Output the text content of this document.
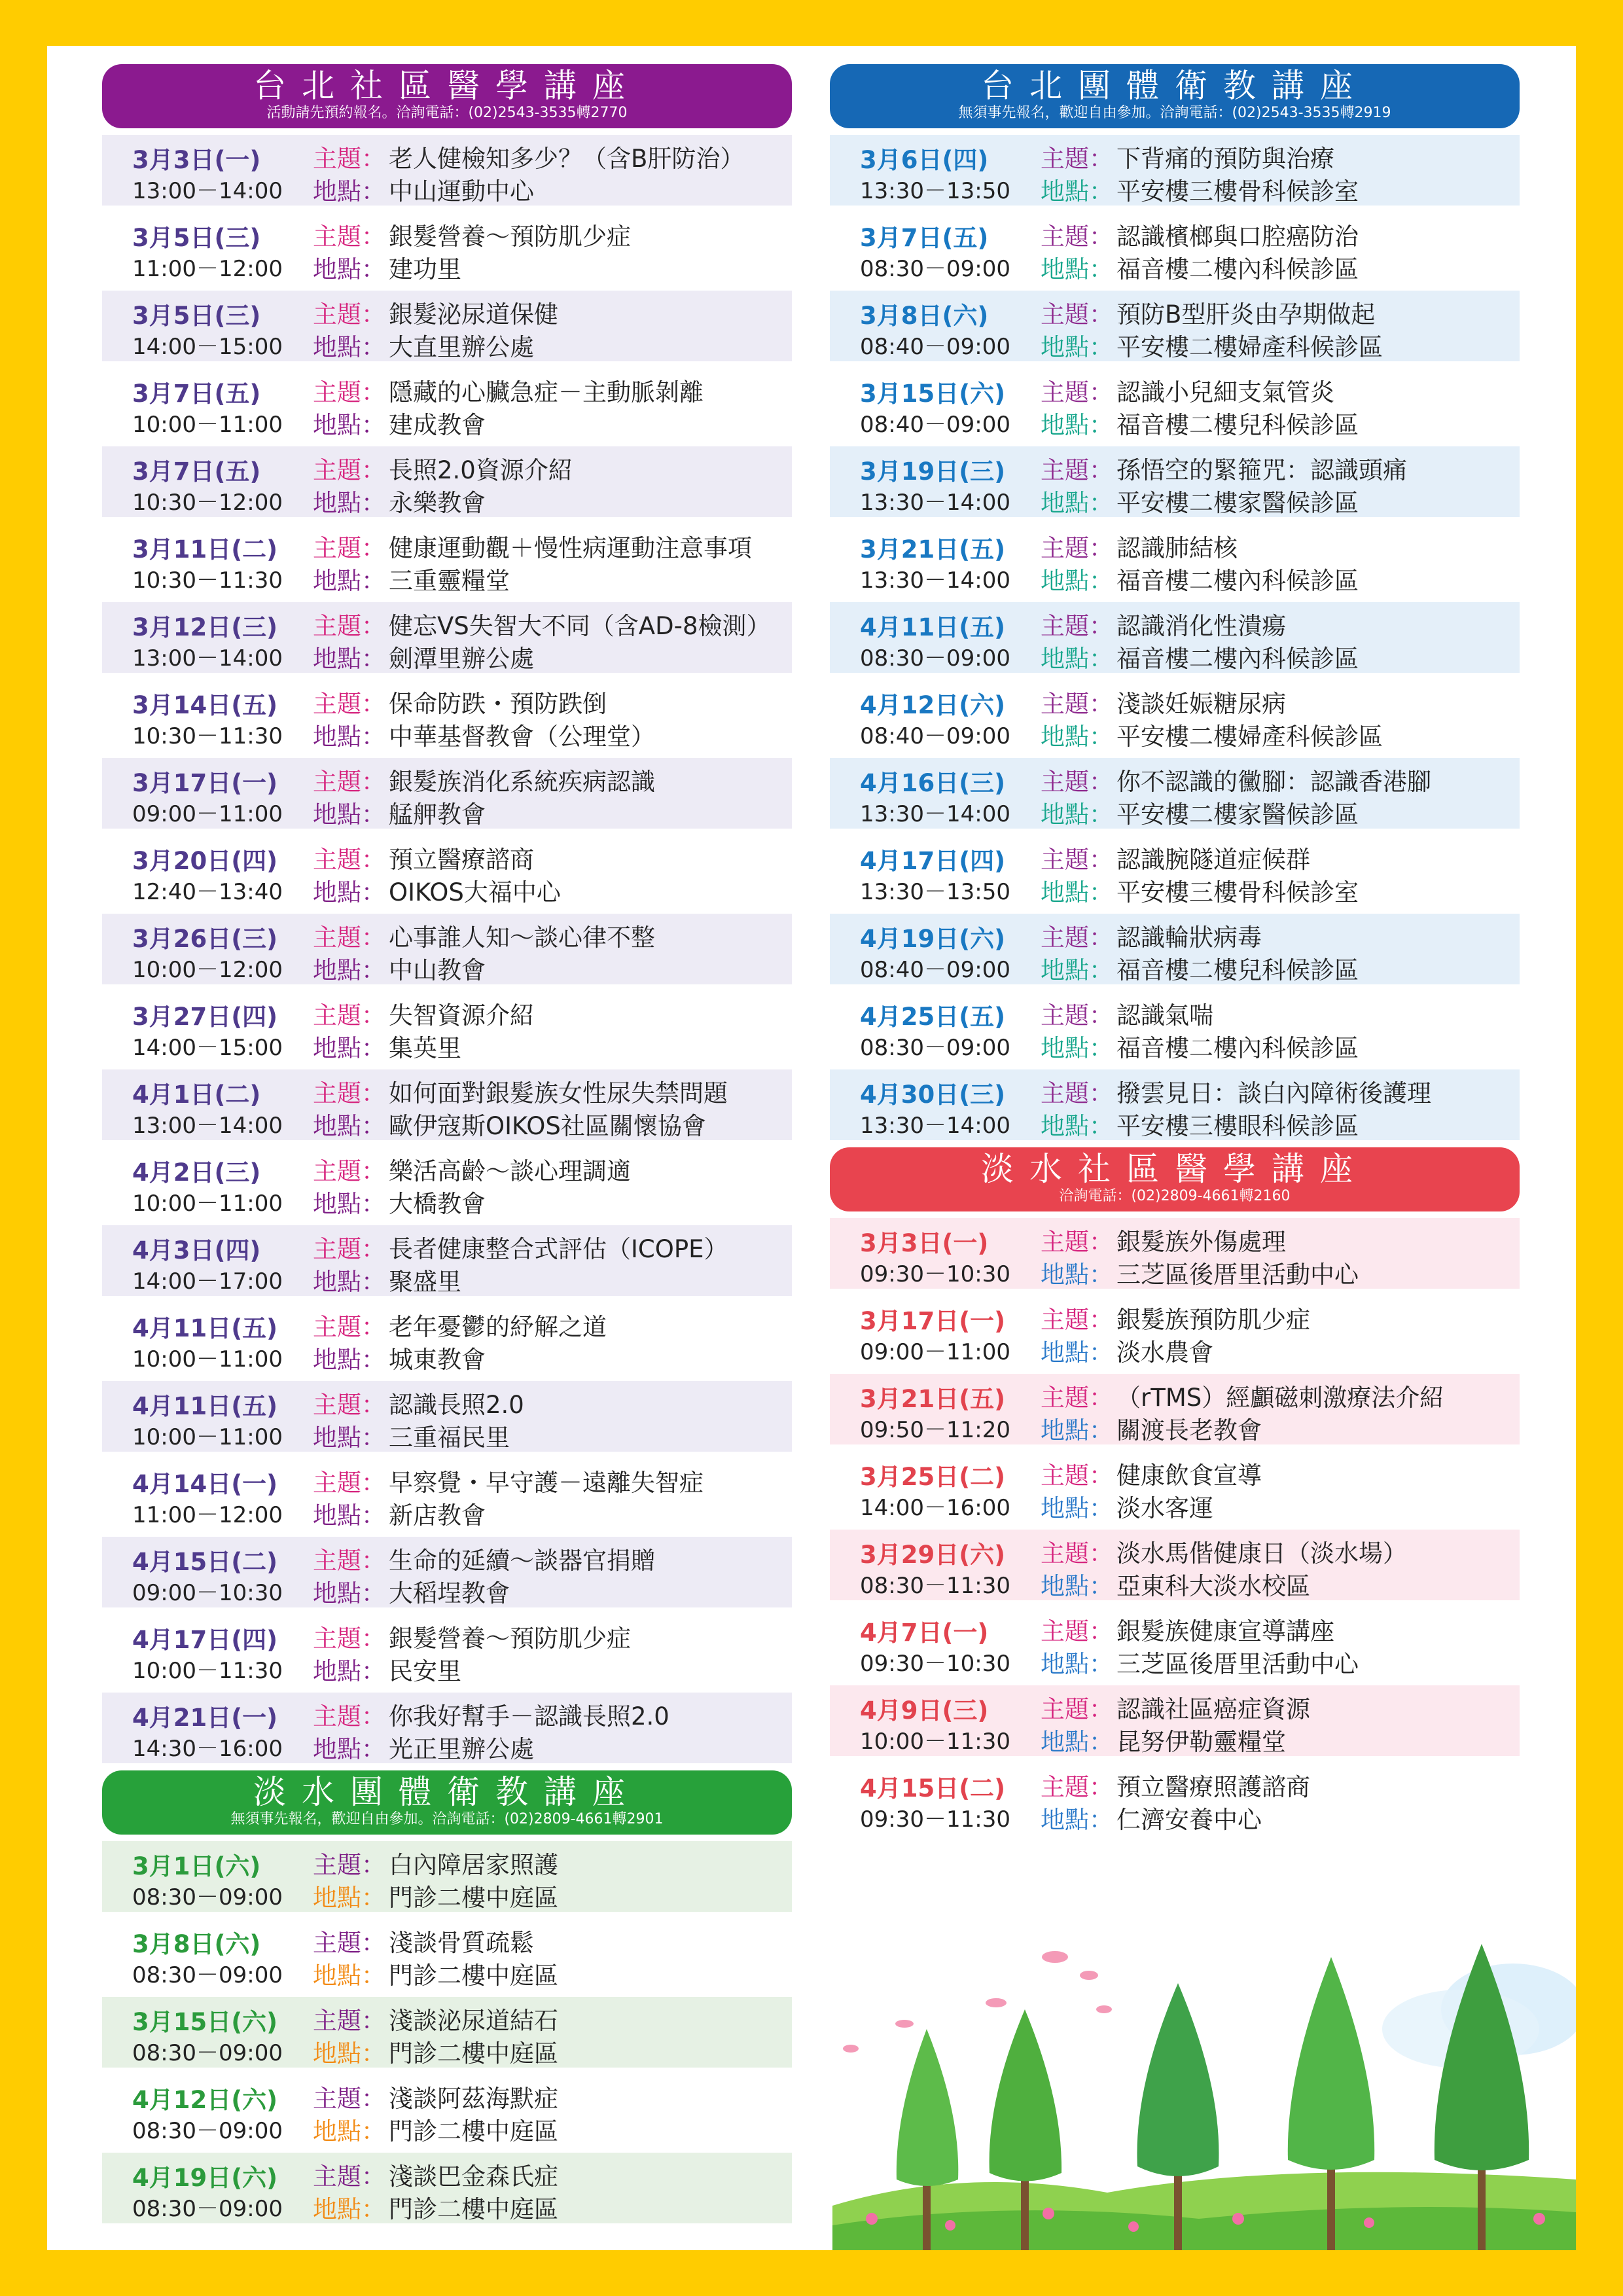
台北社區醫學講座
活動請先預約報名。洽詢電話：(02)2543-3535轉2770
3月3日(一)
13:00－14:00
主題：
地點：
老人健檢知多少？（含B肝防治）
中山運動中心
3月5日(三)
11:00－12:00
主題：
地點：
銀髮營養～預防肌少症
建功里
3月5日(三)
14:00－15:00
主題：
地點：
銀髮泌尿道保健
大直里辦公處
3月7日(五)
10:00－11:00
主題：
地點：
隱藏的心臟急症－主動脈剝離
建成教會
3月7日(五)
10:30－12:00
主題：
地點：
長照2.0資源介紹
永樂教會
3月11日(二)
10:30－11:30
主題：
地點：
健康運動觀＋慢性病運動注意事項
三重靈糧堂
3月12日(三)
13:00－14:00
主題：
地點：
健忘VS失智大不同（含AD-8檢測）
劍潭里辦公處
3月14日(五)
10:30－11:30
主題：
地點：
保命防跌・預防跌倒
中華基督教會（公理堂）
3月17日(一)
09:00－11:00
主題：
地點：
銀髮族消化系統疾病認識
艋舺教會
3月20日(四)
12:40－13:40
主題：
地點：
預立醫療諮商
OIKOS大福中心
3月26日(三)
10:00－12:00
主題：
地點：
心事誰人知～談心律不整
中山教會
3月27日(四)
14:00－15:00
主題：
地點：
失智資源介紹
集英里
4月1日(二)
13:00－14:00
主題：
地點：
如何面對銀髮族女性尿失禁問題
歐伊寇斯OIKOS社區關懷協會
4月2日(三)
10:00－11:00
主題：
地點：
樂活高齡～談心理調適
大橋教會
4月3日(四)
14:00－17:00
主題：
地點：
長者健康整合式評估（ICOPE）
聚盛里
4月11日(五)
10:00－11:00
主題：
地點：
老年憂鬱的紓解之道
城東教會
4月11日(五)
10:00－11:00
主題：
地點：
認識長照2.0
三重福民里
4月14日(一)
11:00－12:00
主題：
地點：
早察覺・早守護－遠離失智症
新店教會
4月15日(二)
09:00－10:30
主題：
地點：
生命的延續～談器官捐贈
大稻埕教會
4月17日(四)
10:00－11:30
主題：
地點：
銀髮營養～預防肌少症
民安里
4月21日(一)
14:30－16:00
主題：
地點：
你我好幫手－認識長照2.0
光正里辦公處
淡水團體衛教講座
無須事先報名，歡迎自由參加。洽詢電話：(02)2809-4661轉2901
3月1日(六)
08:30－09:00
主題：
地點：
白內障居家照護
門診二樓中庭區
3月8日(六)
08:30－09:00
主題：
地點：
淺談骨質疏鬆
門診二樓中庭區
3月15日(六)
08:30－09:00
主題：
地點：
淺談泌尿道結石
門診二樓中庭區
4月12日(六)
08:30－09:00
主題：
地點：
淺談阿茲海默症
門診二樓中庭區
4月19日(六)
08:30－09:00
主題：
地點：
淺談巴金森氏症
門診二樓中庭區
台北團體衛教講座
無須事先報名，歡迎自由參加。洽詢電話：(02)2543-3535轉2919
3月6日(四)
13:30－13:50
主題：
地點：
下背痛的預防與治療
平安樓三樓骨科候診室
3月7日(五)
08:30－09:00
主題：
地點：
認識檳榔與口腔癌防治
福音樓二樓內科候診區
3月8日(六)
08:40－09:00
主題：
地點：
預防B型肝炎由孕期做起
平安樓二樓婦產科候診區
3月15日(六)
08:40－09:00
主題：
地點：
認識小兒細支氣管炎
福音樓二樓兒科候診區
3月19日(三)
13:30－14:00
主題：
地點：
孫悟空的緊箍咒：認識頭痛
平安樓二樓家醫候診區
3月21日(五)
13:30－14:00
主題：
地點：
認識肺結核
福音樓二樓內科候診區
4月11日(五)
08:30－09:00
主題：
地點：
認識消化性潰瘍
福音樓二樓內科候診區
4月12日(六)
08:40－09:00
主題：
地點：
淺談妊娠糖尿病
平安樓二樓婦產科候診區
4月16日(三)
13:30－14:00
主題：
地點：
你不認識的黴腳：認識香港腳
平安樓二樓家醫候診區
4月17日(四)
13:30－13:50
主題：
地點：
認識腕隧道症候群
平安樓三樓骨科候診室
4月19日(六)
08:40－09:00
主題：
地點：
認識輪狀病毒
福音樓二樓兒科候診區
4月25日(五)
08:30－09:00
主題：
地點：
認識氣喘
福音樓二樓內科候診區
4月30日(三)
13:30－14:00
主題：
地點：
撥雲見日：談白內障術後護理
平安樓三樓眼科候診區
淡水社區醫學講座
洽詢電話：(02)2809-4661轉2160
3月3日(一)
09:30－10:30
主題：
地點：
銀髮族外傷處理
三芝區後厝里活動中心
3月17日(一)
09:00－11:00
主題：
地點：
銀髮族預防肌少症
淡水農會
3月21日(五)
09:50－11:20
主題：
地點：
（rTMS）經顱磁刺激療法介紹
關渡長老教會
3月25日(二)
14:00－16:00
主題：
地點：
健康飲食宣導
淡水客運
3月29日(六)
08:30－11:30
主題：
地點：
淡水馬偕健康日（淡水場）
亞東科大淡水校區
4月7日(一)
09:30－10:30
主題：
地點：
銀髮族健康宣導講座
三芝區後厝里活動中心
4月9日(三)
10:00－11:30
主題：
地點：
認識社區癌症資源
昆努伊勒靈糧堂
4月15日(二)
09:30－11:30
主題：
地點：
預立醫療照護諮商
仁濟安養中心
